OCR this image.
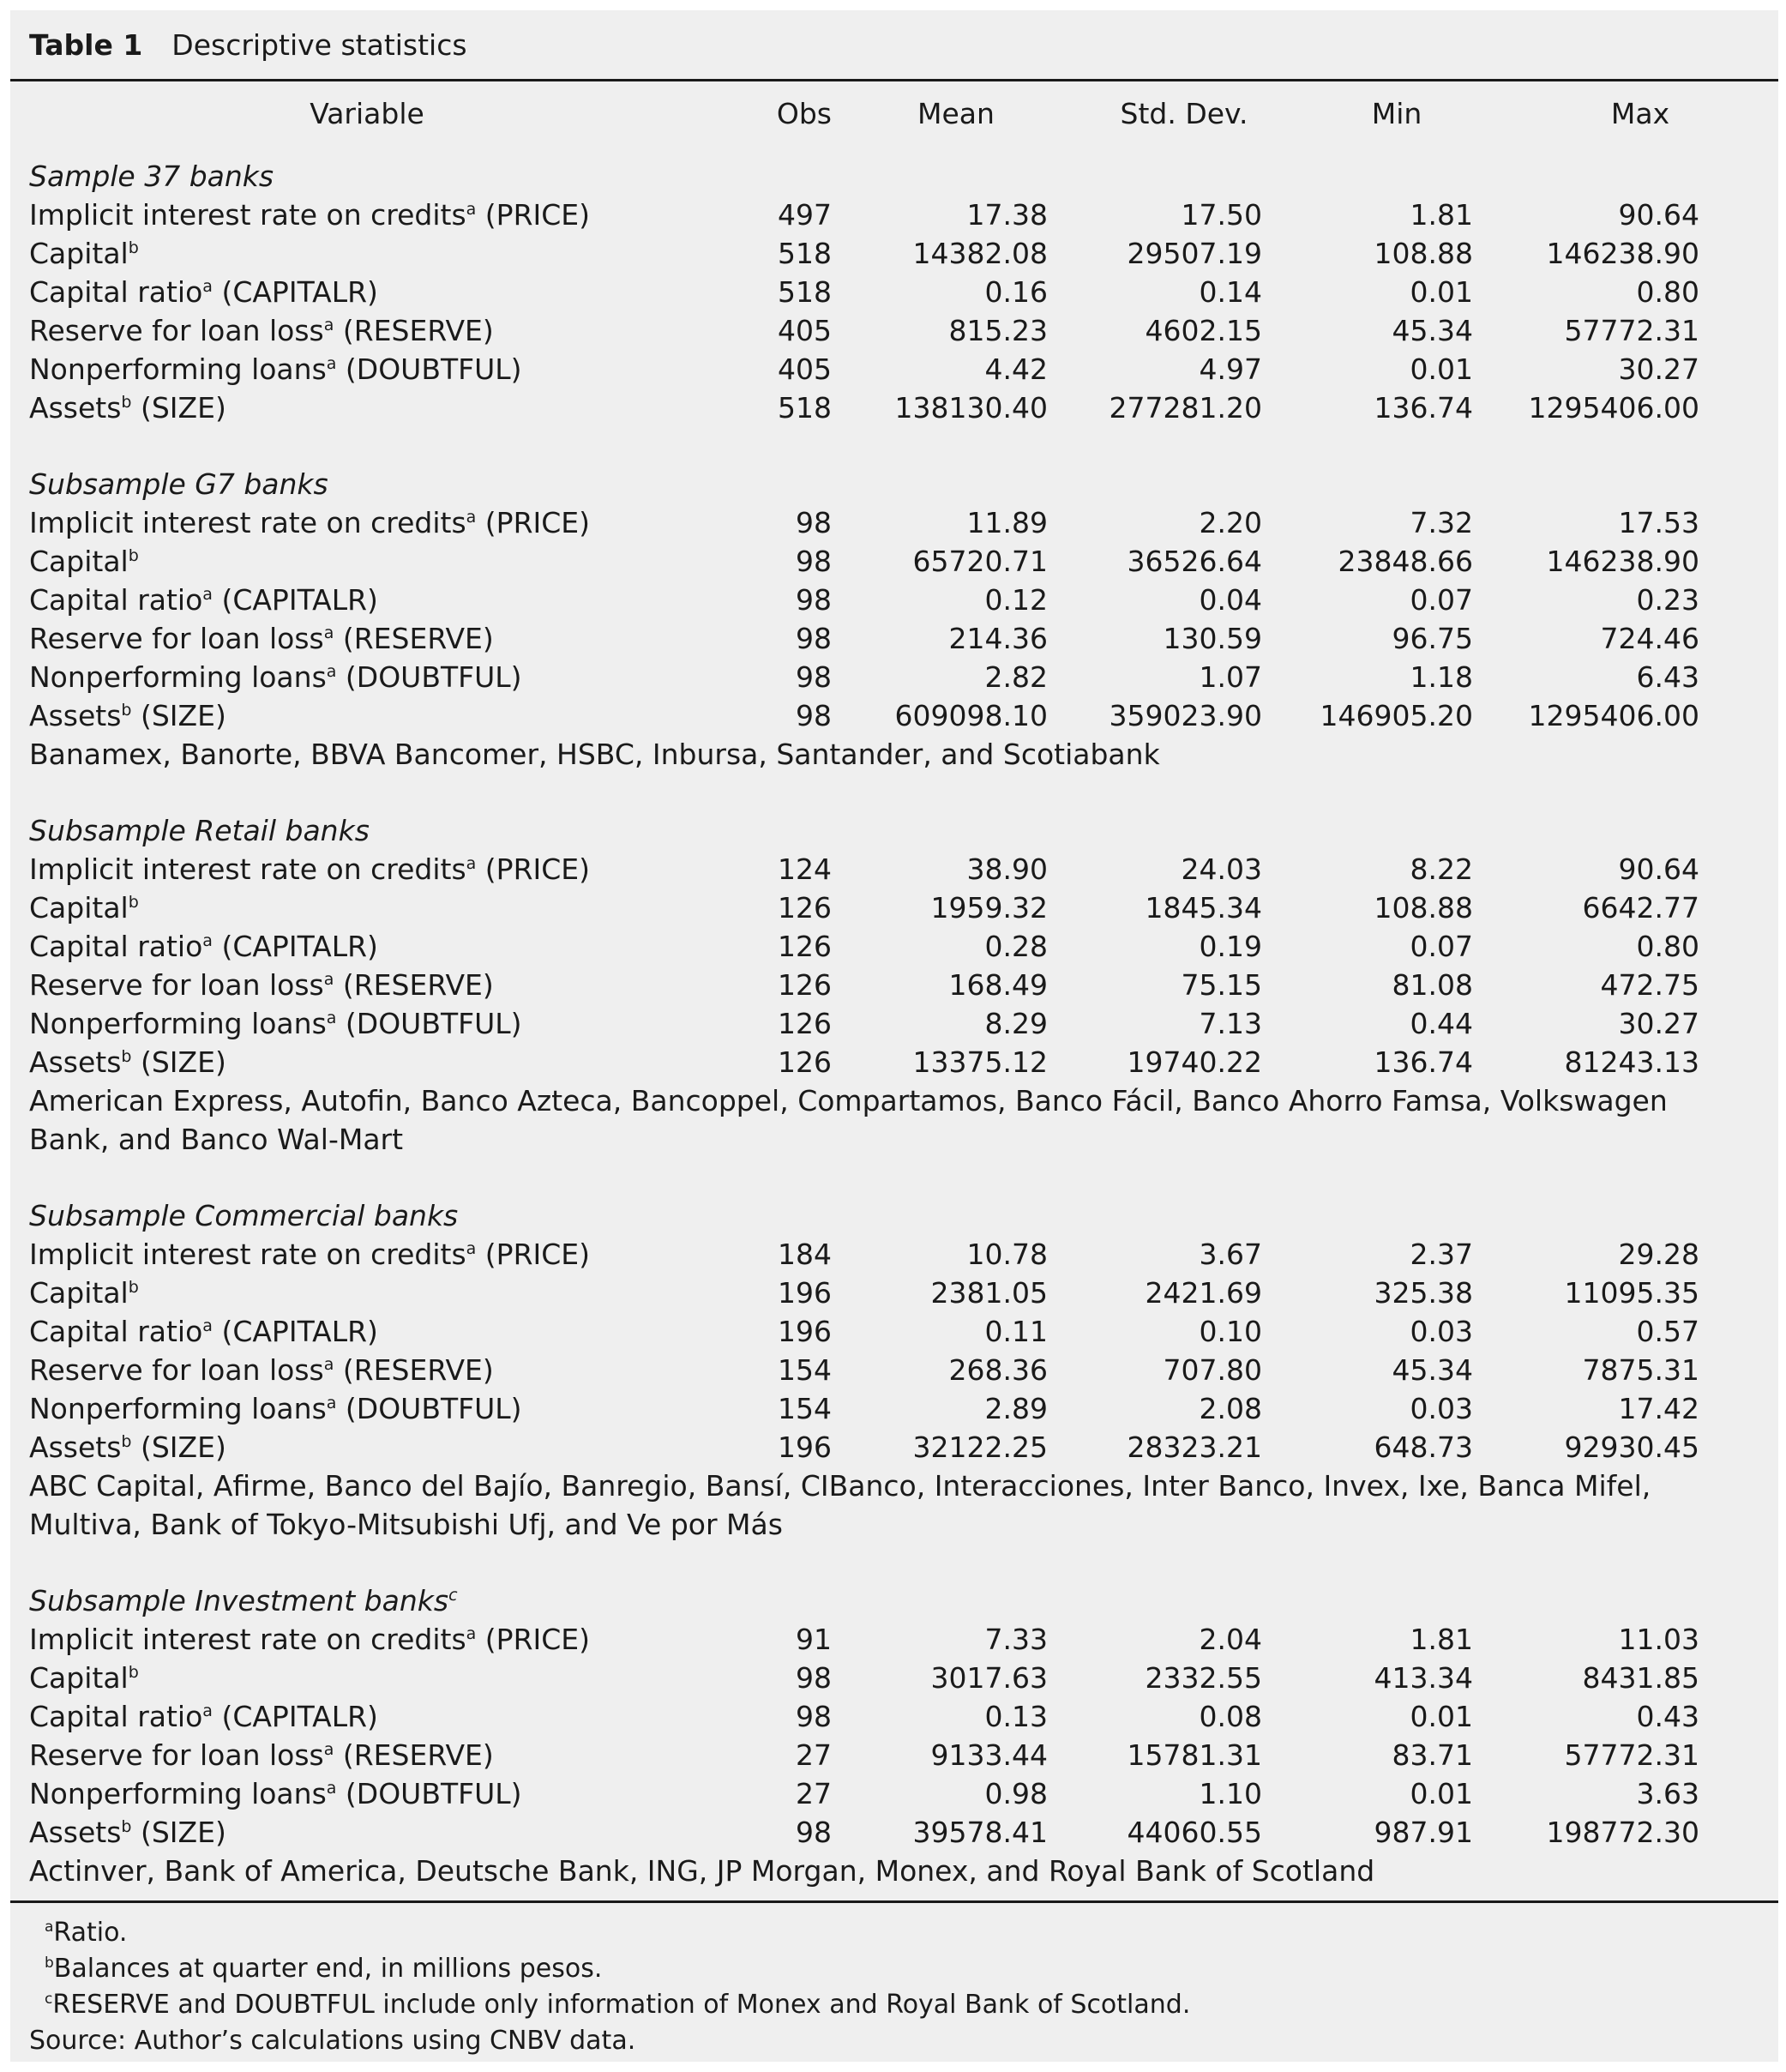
Table 1 Descriptive statistics
Variable	Obs	Mean	Std. Dev.	Min	Max

Sample 37 banks					
Implicit interest rate on credits$^a$ (PRICE)	497	17.38	17.50	1.81	90.64
Capital$^b$	518	14382.08	29507.19	108.88	146238.90
Capital ratio$^a$ (CAPITALR)	518	0.16	0.14	0.01	0.80
Reserve for loan loss$^a$ (RESERVE)	405	815.23	4602.15	45.34	57772.31
Nonperforming loans$^a$ (DOUBTFUL)	405	4.42	4.97	0.01	30.27
Assets$^b$ (SIZE)	518	138130.40	277281.20	136.74	1295406.00

Subsample G7 banks					
Implicit interest rate on credits$^a$ (PRICE)	98	11.89	2.20	7.32	17.53
Capital$^b$	98	65720.71	36526.64	23848.66	146238.90
Capital ratio$^a$ (CAPITALR)	98	0.12	0.04	0.07	0.23
Reserve for loan loss$^a$ (RESERVE)	98	214.36	130.59	96.75	724.46
Nonperforming loans$^a$ (DOUBTFUL)	98	2.82	1.07	1.18	6.43
Assets$^b$ (SIZE)	98	609098.10	359023.90	146905.20	1295406.00
Banamex, Banorte, BBVA Bancomer, HSBC, Inbursa, Santander, and Scotiabank					

Subsample Retail banks					
Implicit interest rate on credits$^a$ (PRICE)	124	38.90	24.03	8.22	90.64
Capital$^b$	126	1959.32	1845.34	108.88	6642.77
Capital ratio$^a$ (CAPITALR)	126	0.28	0.19	0.07	0.80
Reserve for loan loss$^a$ (RESERVE)	126	168.49	75.15	81.08	472.75
Nonperforming loans$^a$ (DOUBTFUL)	126	8.29	7.13	0.44	30.27
Assets$^b$ (SIZE)	126	13375.12	19740.22	136.74	81243.13
American Express, Autofin, Banco Azteca, Bancoppel, Compartamos, Banco Fácil, Banco Ahorro Famsa, Volkswagen Bank, and Banco Wal-Mart					

Subsample Commercial banks					
Implicit interest rate on credits$^a$ (PRICE)	184	10.78	3.67	2.37	29.28
Capital$^b$	196	2381.05	2421.69	325.38	11095.35
Capital ratio$^a$ (CAPITALR)	196	0.11	0.10	0.03	0.57
Reserve for loan loss$^a$ (RESERVE)	154	268.36	707.80	45.34	7875.31
Nonperforming loans$^a$ (DOUBTFUL)	154	2.89	2.08	0.03	17.42
Assets$^b$ (SIZE)	196	32122.25	28323.21	648.73	92930.45
ABC Capital, Afirme, Banco del Bajío, Banregio, Bansí, CIBanco, Interacciones, Inter Banco, Invex, Ixe, Banca Mifel, Multiva, Bank of Tokyo-Mitsubishi Ufj, and Ve por Más					

Subsample Investment banks$^c$
Implicit interest rate on credits$^a$ (PRICE)	91	7.33	2.04	1.81	11.03
Capital$^b$	98	3017.63	2332.55	413.34	8431.85
Capital ratio$^a$ (CAPITALR)	98	0.13	0.08	0.01	0.43
Reserve for loan loss$^a$ (RESERVE)	27	9133.44	15781.31	83.71	57772.31
Nonperforming loans$^a$ (DOUBTFUL)	27	0.98	1.10	0.01	3.63
Assets$^b$ (SIZE)	98	39578.41	44060.55	987.91	198772.30
Actinver, Bank of America, Deutsche Bank, ING, JP Morgan, Monex, and Royal Bank of Scotland					
$^a$Ratio.
$^b$Balances at quarter end, in millions pesos.
$^c$RESERVE and DOUBTFUL include only information of Monex and Royal Bank of Scotland.
Source: Author’s calculations using CNBV data.
